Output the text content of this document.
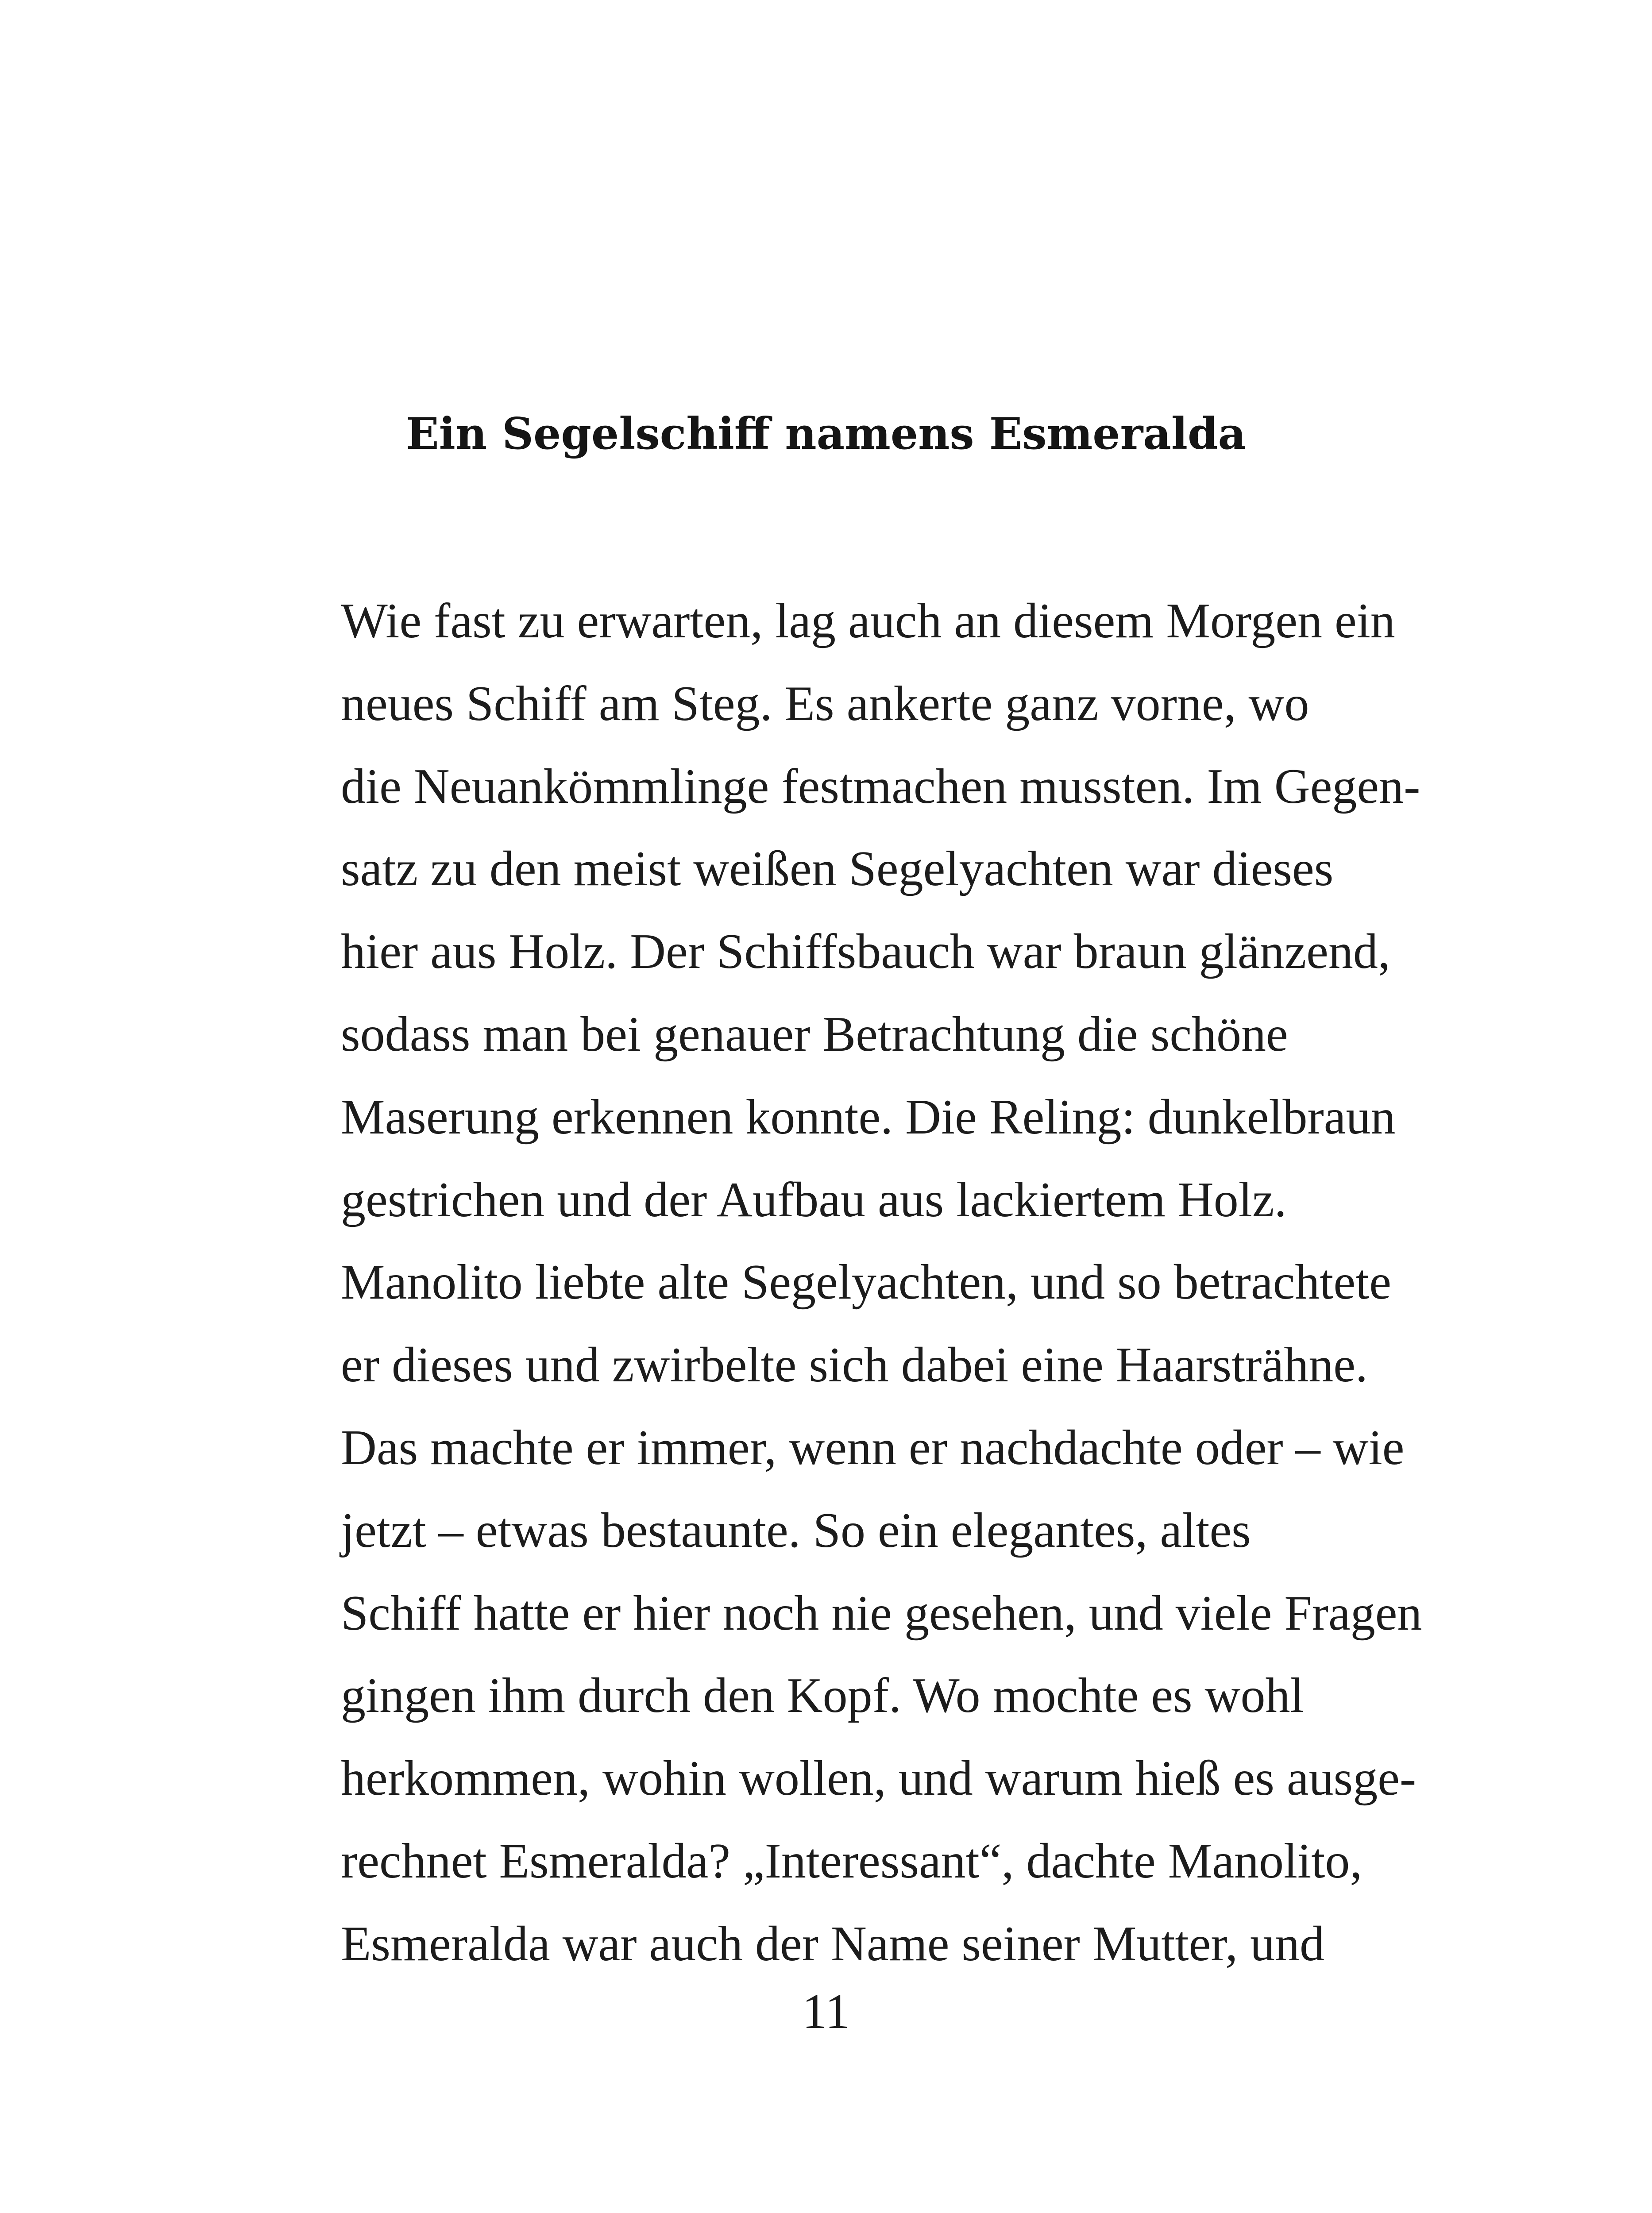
Ein Segelschiff namens Esmeralda
Wie fast zu erwarten, lag auch an diesem Morgen ein
neues Schiff am Steg. Es ankerte ganz vorne, wo
die Neuankömmlinge festmachen mussten. Im Gegen-
satz zu den meist weißen Segelyachten war dieses
hier aus Holz. Der Schiffsbauch war braun glänzend,
sodass man bei genauer Betrachtung die schöne
Maserung erkennen konnte. Die Reling: dunkelbraun
gestrichen und der Aufbau aus lackiertem Holz.
Manolito liebte alte Segelyachten, und so betrachtete
er dieses und zwirbelte sich dabei eine Haarsträhne.
Das machte er immer, wenn er nachdachte oder – wie
jetzt – etwas bestaunte. So ein elegantes, altes
Schiff hatte er hier noch nie gesehen, und viele Fragen
gingen ihm durch den Kopf. Wo mochte es wohl
herkommen, wohin wollen, und warum hieß es ausge-
rechnet Esmeralda? „Interessant“, dachte Manolito,
Esmeralda war auch der Name seiner Mutter, und
11
